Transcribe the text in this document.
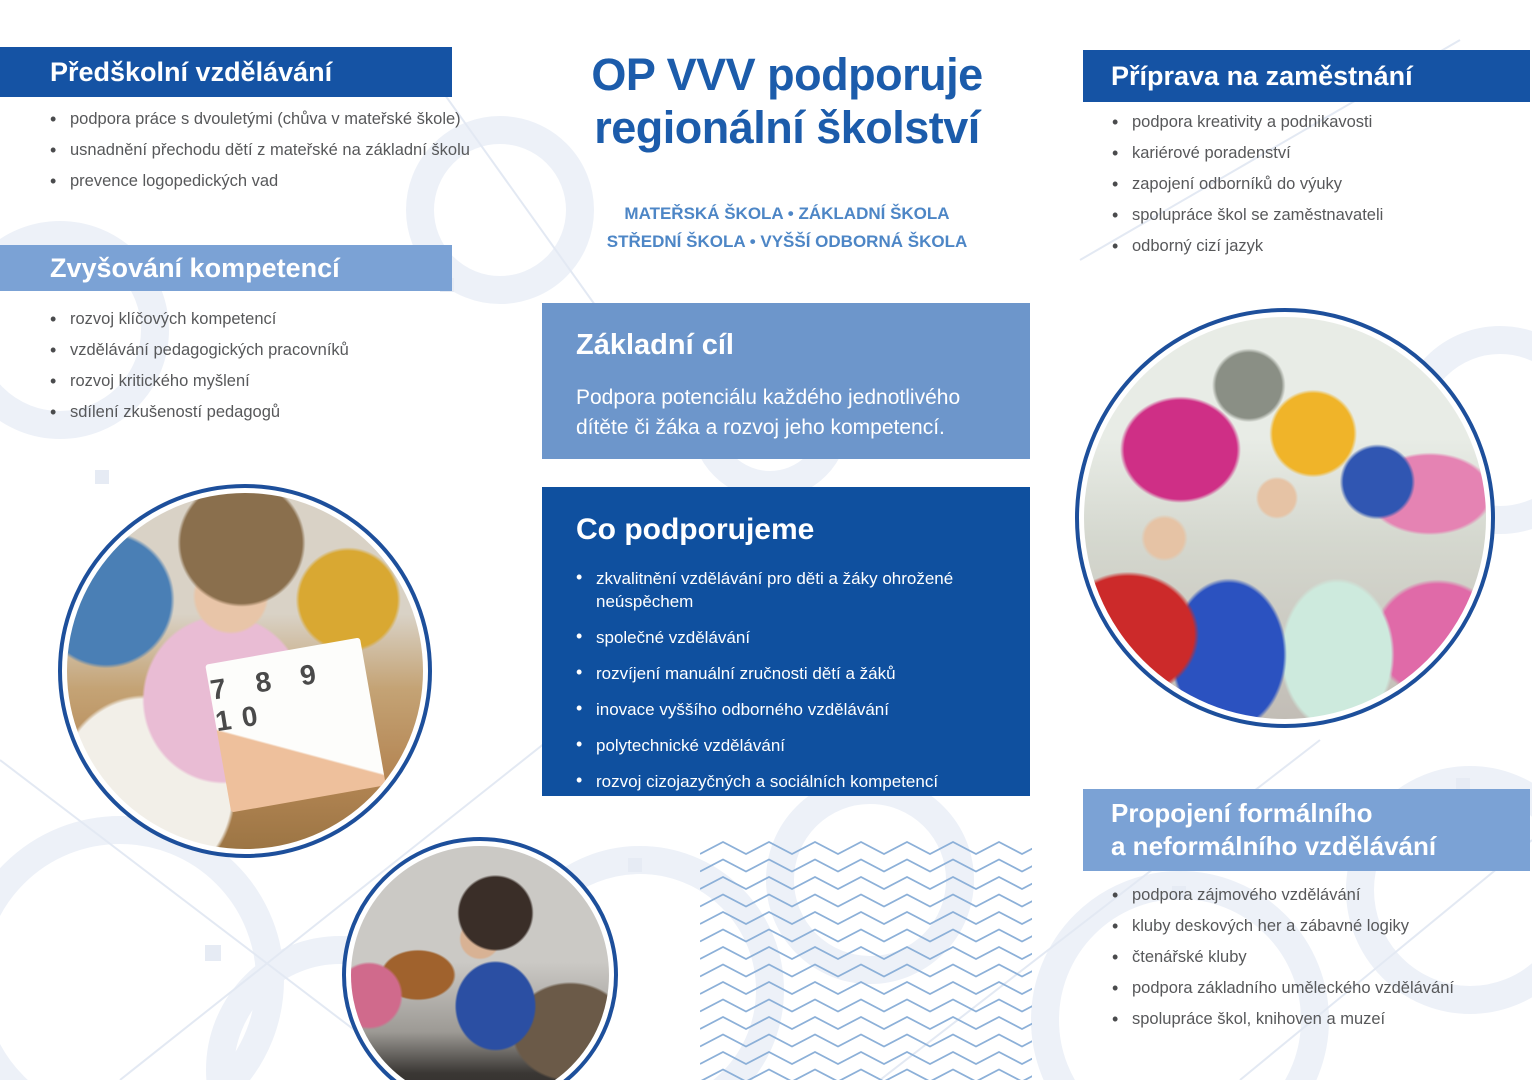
Předškolní vzdělávání
• podpora práce s dvouletými (chůva v mateřské škole)
• usnadnění přechodu dětí z mateřské na základní školu
• prevence logopedických vad
Zvyšování kompetencí
• rozvoj klíčových kompetencí
• vzdělávání pedagogických pracovníků
• rozvoj kritického myšlení
• sdílení zkušeností pedagogů
7 8 9 10
OP VVV podporuje
regionální školství
MATEŘSKÁ ŠKOLA • ZÁKLADNÍ ŠKOLA
STŘEDNÍ ŠKOLA • VYŠŠÍ ODBORNÁ ŠKOLA
Základní cíl

Podpora potenciálu každého jednotlivého dítěte či žáka a rozvoj jeho kompetencí.

Co podporujeme
• zkvalitnění vzdělávání pro děti a žáky ohrožené neúspěchem
• společné vzdělávání
• rozvíjení manuální zručnosti dětí a žáků
• inovace vyššího odborného vzdělávání
• polytechnické vzdělávání
• rozvoj cizojazyčných a sociálních kompetencí
Příprava na zaměstnání
• podpora kreativity a podnikavosti
• kariérové poradenství
• zapojení odborníků do výuky
• spolupráce škol se zaměstnavateli
• odborný cizí jazyk
Propojení formálního
a neformálního vzdělávání
• podpora zájmového vzdělávání
• kluby deskových her a zábavné logiky
• čtenářské kluby
• podpora základního uměleckého vzdělávání
• spolupráce škol, knihoven a muzeí
